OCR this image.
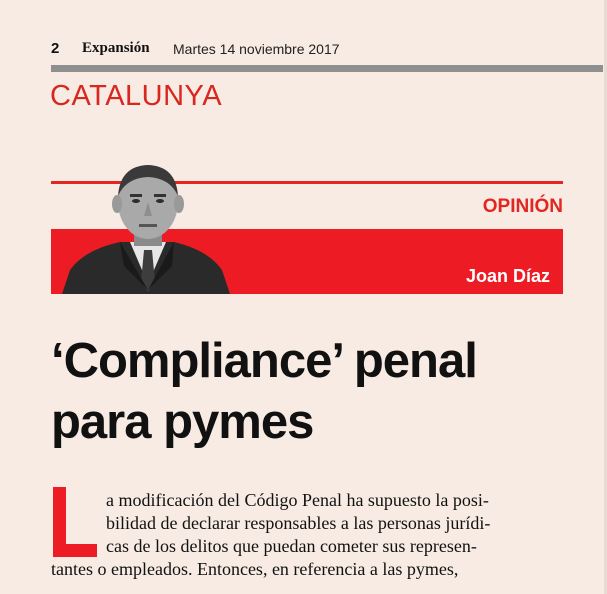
2 Expansión Martes 14 noviembre 2017
CATALUNYA
OPINIÓN
Joan Díaz
‘Compliance’ penal
para pymes
a modificación del Código Penal ha supuesto la posi-
bilidad de declarar responsables a las personas jurídi-
cas de los delitos que puedan cometer sus represen-
tantes o empleados. Entonces, en referencia a las pymes,
